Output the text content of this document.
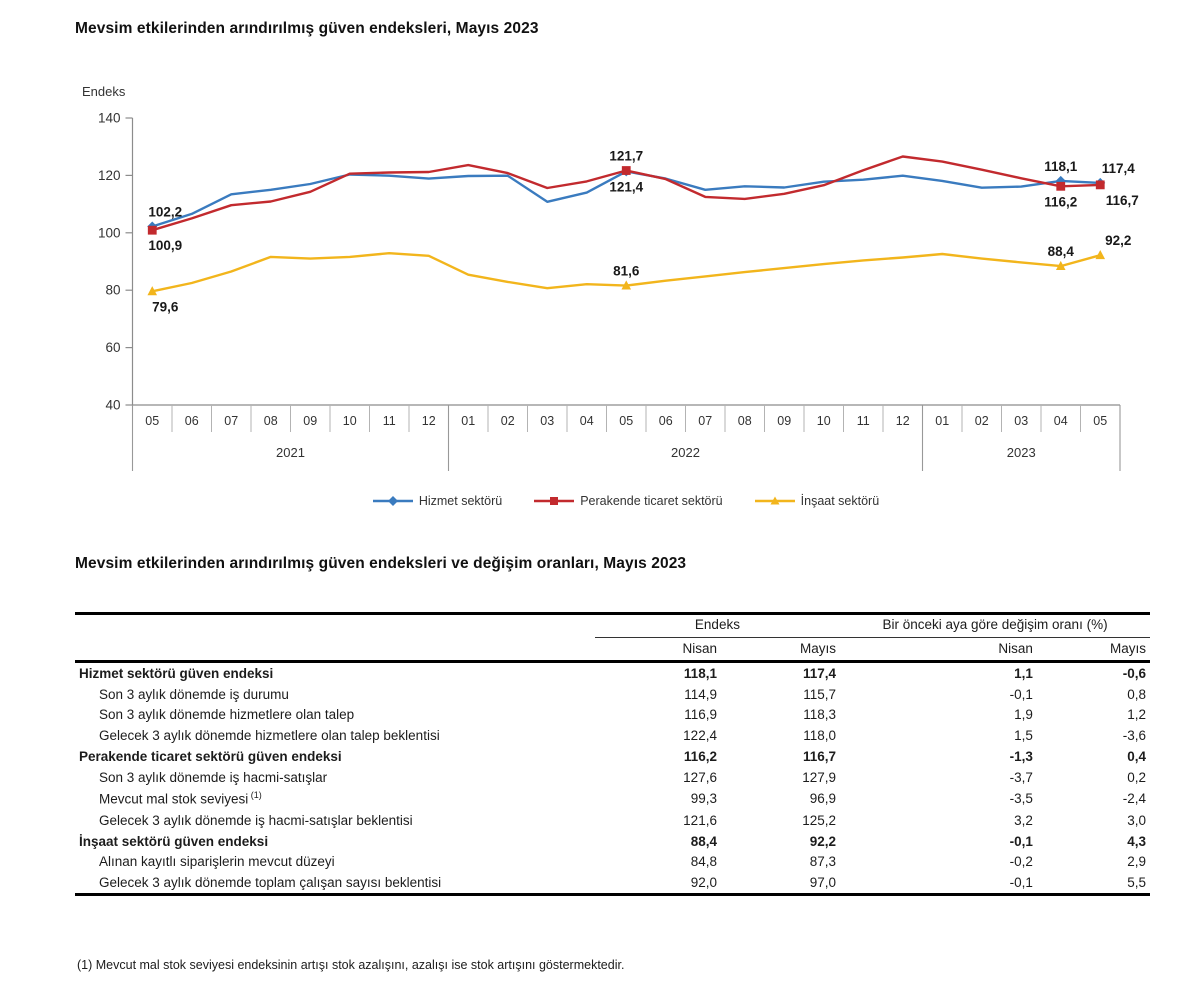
Mevsim etkilerinden arındırılmış güven endeksleri, Mayıs 2023
Endeks
140
120
100
80
60
40
05 06 07 08 09 10 11 12 01 02 03 04 05 06 07 08 09 10 11 12 01 02 03 04 05
2021	2022	2023
102,2
121,4
118,1 117,4
100,9
121,7
116,2 116,7
79,6
81,6
88,4
92,2
Hizmet sektörü	Perakende ticaret sektörü	İnşaat sektörü
Mevsim etkilerinden arındırılmış güven endeksleri ve değişim oranları, Mayıs 2023
	Endeks		Bir önceki aya göre değişim oranı (%)	
	Nisan	Mayıs	Nisan	Mayıs
Hizmet sektörü güven endeksi	118,1	117,4	1,1	-0,6
Son 3 aylık dönemde iş durumu	114,9	115,7	-0,1	0,8
Son 3 aylık dönemde hizmetlere olan talep	116,9	118,3	1,9	1,2
Gelecek 3 aylık dönemde hizmetlere olan talep beklentisi	122,4	118,0	1,5	-3,6
Perakende ticaret sektörü güven endeksi	116,2	116,7	-1,3	0,4
Son 3 aylık dönemde iş hacmi-satışlar	127,6	127,9	-3,7	0,2
Mevcut mal stok seviyesi $^{(1)}$	99,3	96,9	-3,5	-2,4
Gelecek 3 aylık dönemde iş hacmi-satışlar beklentisi	121,6	125,2	3,2	3,0
İnşaat sektörü güven endeksi	88,4	92,2	-0,1	4,3
Alınan kayıtlı siparişlerin mevcut düzeyi	84,8	87,3	-0,2	2,9
Gelecek 3 aylık dönemde toplam çalışan sayısı beklentisi	92,0	97,0	-0,1	5,5

(1) Mevcut mal stok seviyesi endeksinin artışı stok azalışını, azalışı ise stok artışını göstermektedir.
